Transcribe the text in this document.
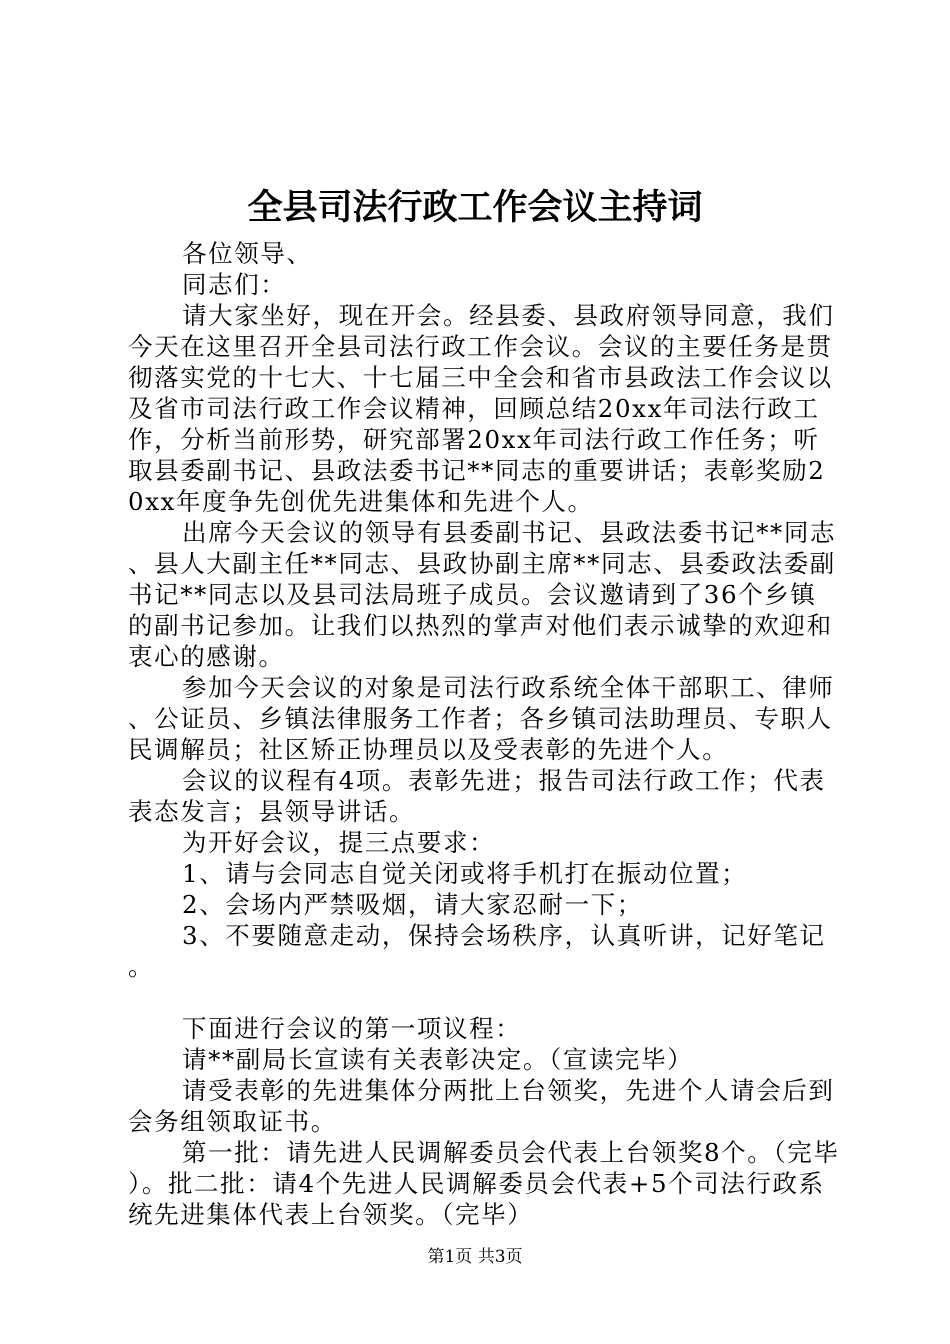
全县司法行政工作会议主持词

各位领导、

同志们：

请大家坐好，现在开会。经县委、县政府领导同意，我们今天在这里召开全县司法行政工作会议。会议的主要任务是贯彻落实党的十七大、十七届三中全会和省市县政法工作会议以及省市司法行政工作会议精神，回顾总结20xx年司法行政工作，分析当前形势，研究部署20xx年司法行政工作任务；听取县委副书记、县政法委书记**同志的重要讲话；表彰奖励20xx年度争先创优先进集体和先进个人。

出席今天会议的领导有县委副书记、县政法委书记**同志、县人大副主任**同志、县政协副主席**同志、县委政法委副书记**同志以及县司法局班子成员。会议邀请到了36个乡镇的副书记参加。让我们以热烈的掌声对他们表示诚挚的欢迎和衷心的感谢。

参加今天会议的对象是司法行政系统全体干部职工、律师、公证员、乡镇法律服务工作者；各乡镇司法助理员、专职人民调解员；社区矫正协理员以及受表彰的先进个人。

会议的议程有4项。表彰先进；报告司法行政工作；代表表态发言；县领导讲话。

为开好会议，提三点要求：

1、请与会同志自觉关闭或将手机打在振动位置；

2、会场内严禁吸烟，请大家忍耐一下；

3、不要随意走动，保持会场秩序，认真听讲，记好笔记。

下面进行会议的第一项议程：

请**副局长宣读有关表彰决定。（宣读完毕）

请受表彰的先进集体分两批上台领奖，先进个人请会后到会务组领取证书。

第一批：请先进人民调解委员会代表上台领奖8个。（完毕）。批二批：请4个先进人民调解委员会代表+5个司法行政系统先进集体代表上台领奖。（完毕）

第1页 共3页
